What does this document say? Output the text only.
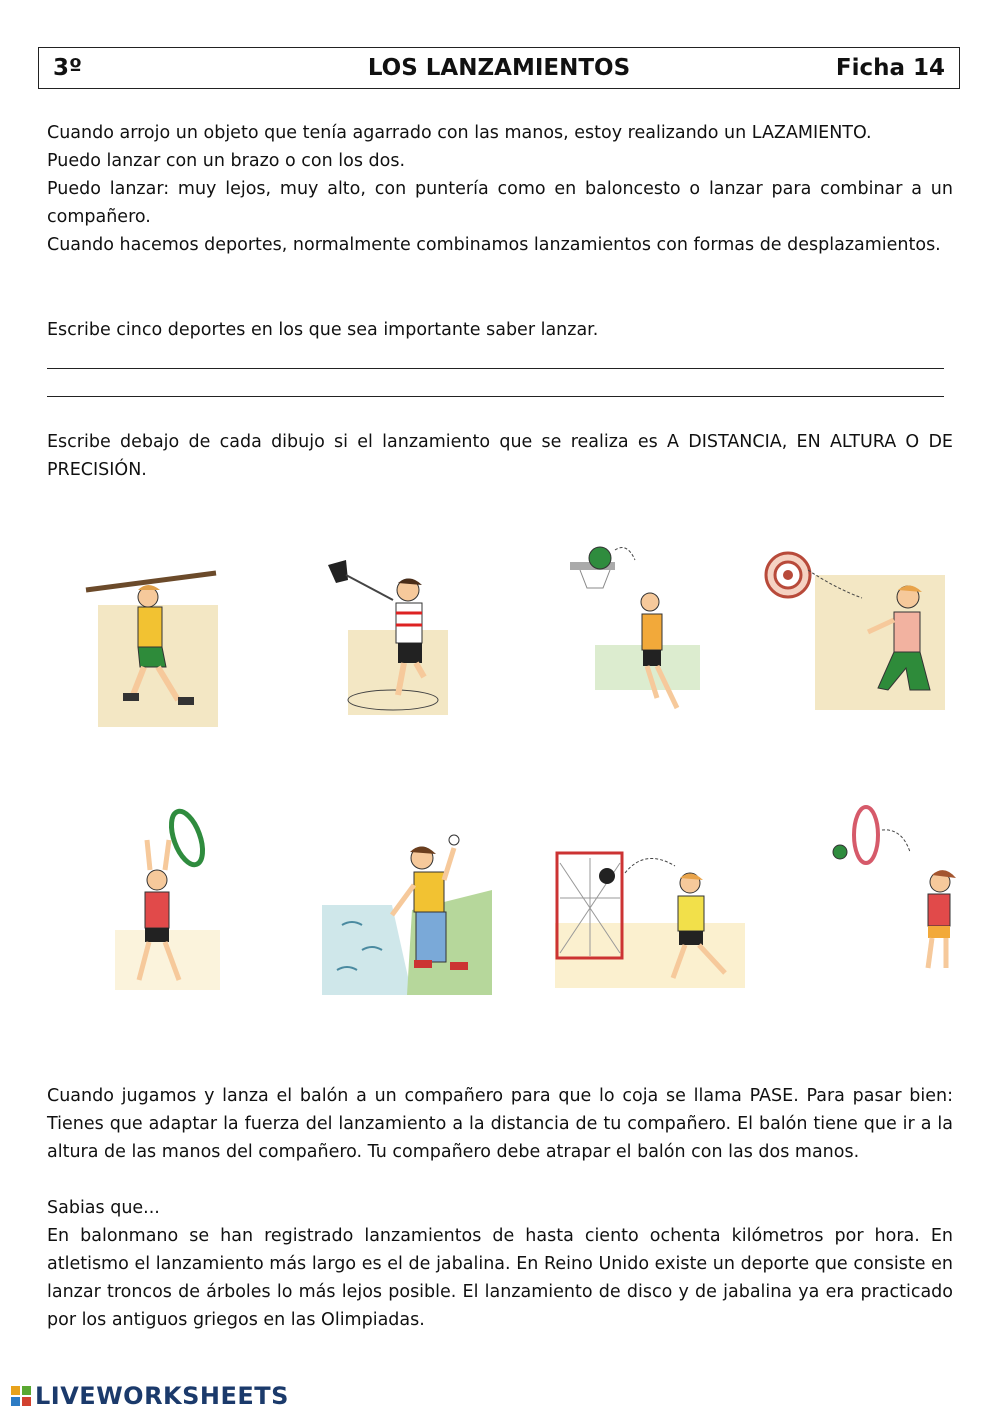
3º	LOS LANZAMIENTOS	Ficha 14

Cuando arrojo un objeto que tenía agarrado con las manos, estoy realizando un LAZAMIENTO.

Puedo lanzar con un brazo o con los dos.

Puedo lanzar: muy lejos, muy alto, con puntería como en baloncesto o lanzar para combinar a un compañero.

Cuando hacemos deportes, normalmente combinamos lanzamientos con formas de desplazamientos.

Escribe cinco deportes en los que sea importante saber lanzar.

Escribe debajo de cada dibujo si el lanzamiento que se realiza es A DISTANCIA, EN ALTURA O DE PRECISIÓN.

Cuando jugamos y lanza el balón a un compañero para que lo coja se llama PASE. Para pasar bien: Tienes que adaptar la fuerza del lanzamiento a la distancia de tu compañero. El balón tiene que ir a la altura de las manos del compañero. Tu compañero debe atrapar el balón con las dos manos.

Sabias que...

En balonmano se han registrado lanzamientos de hasta ciento ochenta kilómetros por hora. En atletismo el lanzamiento más largo es el de jabalina. En Reino Unido existe un deporte que consiste en lanzar troncos de árboles lo más lejos posible. El lanzamiento de disco y de jabalina ya era practicado por los antiguos griegos en las Olimpiadas.

LIVEWORKSHEETS
